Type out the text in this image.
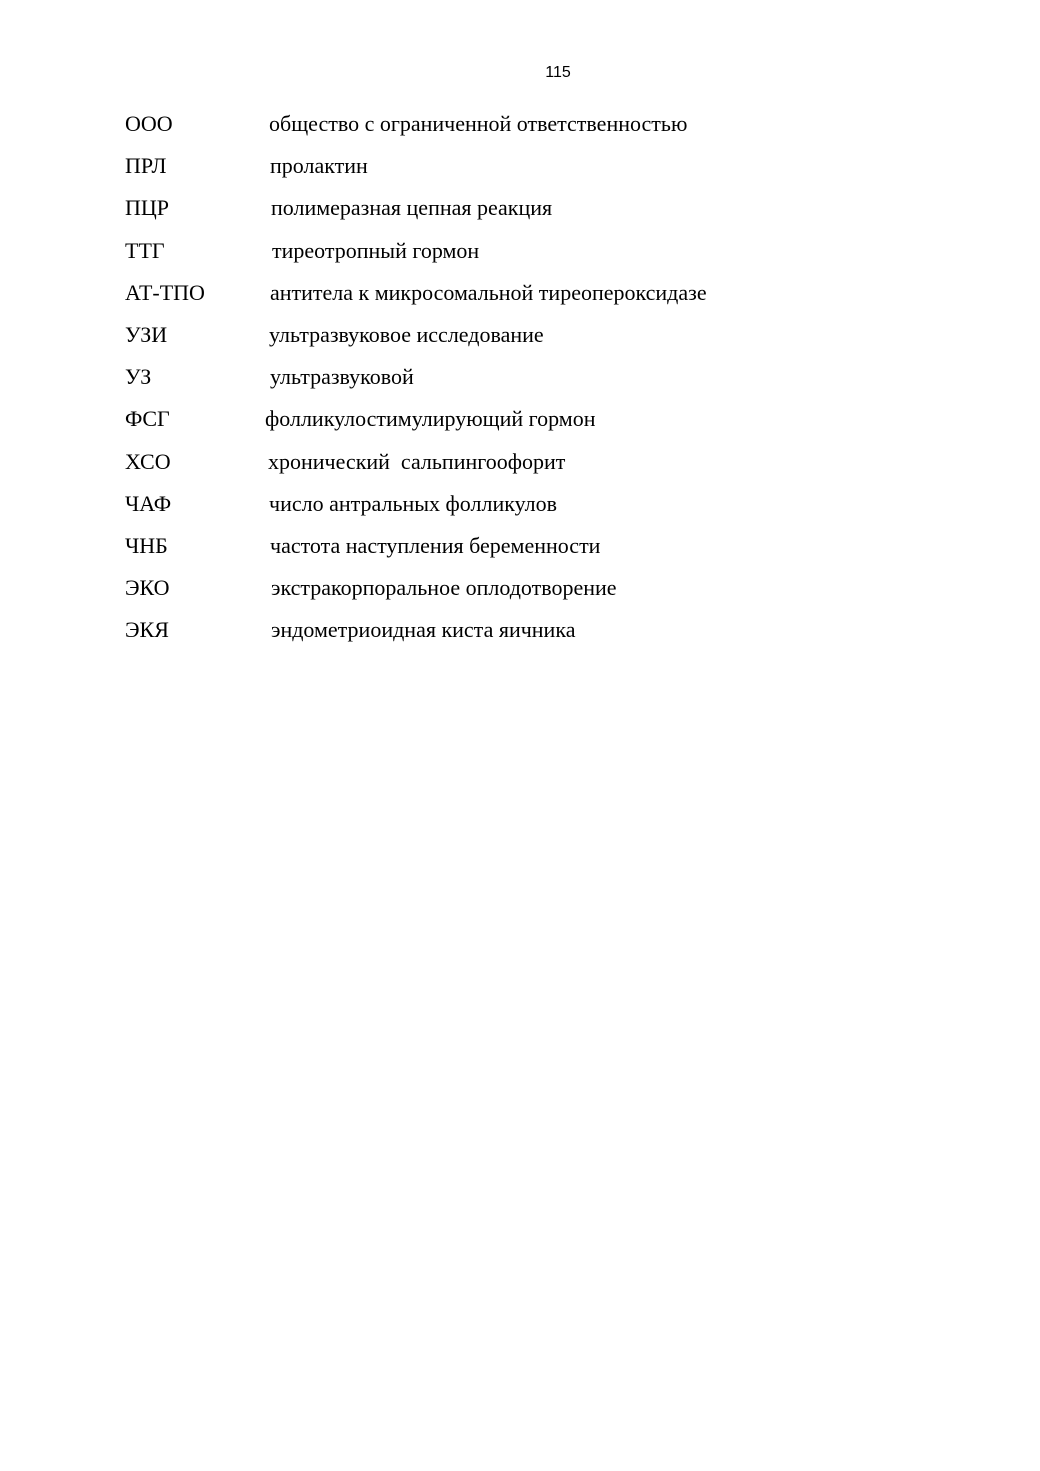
115
ООО	общество с ограниченной ответственностью
ПРЛ	пролактин
ПЦР	полимеразная цепная реакция
ТТГ	тиреотропный гормон
АТ-ТПО	антитела к микросомальной тиреопероксидазе
УЗИ	ультразвуковое исследование
УЗ	ультразвуковой
ФСГ	фолликулостимулирующий гормон
ХСО	хронический  сальпингоофорит
ЧАФ	число антральных фолликулов
ЧНБ	частота наступления беременности
ЭКО	экстракорпоральное оплодотворение
ЭКЯ	эндометриоидная киста яичника
